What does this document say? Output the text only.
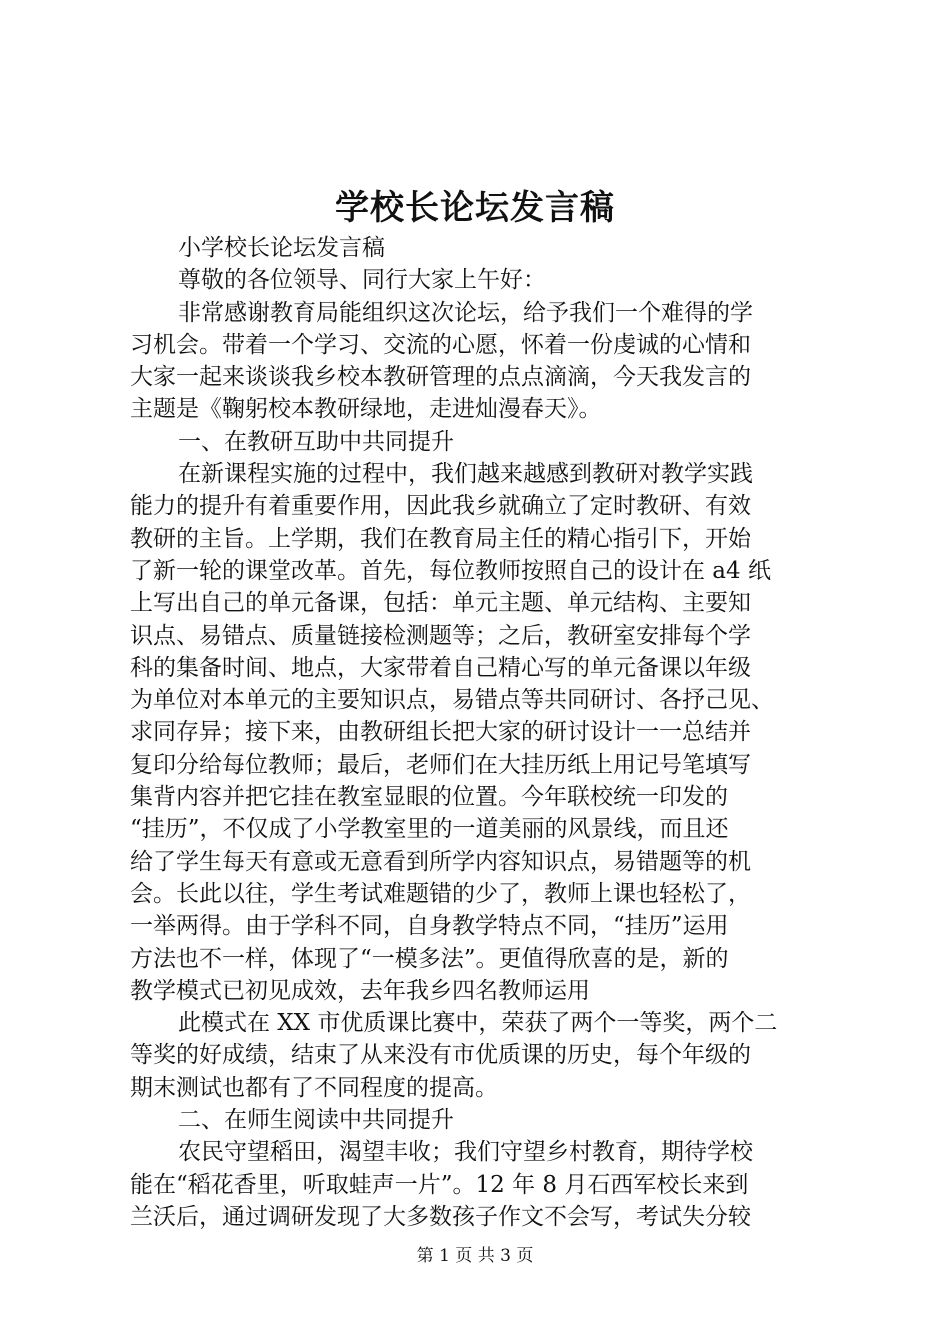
学校长论坛发言稿
小学校长论坛发言稿
尊敬的各位领导、同行大家上午好：
非常感谢教育局能组织这次论坛，给予我们一个难得的学
习机会。带着一个学习、交流的心愿，怀着一份虔诚的心情和
大家一起来谈谈我乡校本教研管理的点点滴滴，今天我发言的
主题是《鞠躬校本教研绿地，走进灿漫春天》。
一、在教研互助中共同提升
在新课程实施的过程中，我们越来越感到教研对教学实践
能力的提升有着重要作用，因此我乡就确立了定时教研、有效
教研的主旨。上学期，我们在教育局主任的精心指引下，开始
了新一轮的课堂改革。首先，每位教师按照自己的设计在 a4 纸
上写出自己的单元备课，包括：单元主题、单元结构、主要知
识点、易错点、质量链接检测题等；之后，教研室安排每个学
科的集备时间、地点，大家带着自己精心写的单元备课以年级
为单位对本单元的主要知识点，易错点等共同研讨、各抒己见、
求同存异；接下来，由教研组长把大家的研讨设计一一总结并
复印分给每位教师；最后，老师们在大挂历纸上用记号笔填写
集背内容并把它挂在教室显眼的位置。今年联校统一印发的
“挂历”，不仅成了小学教室里的一道美丽的风景线，而且还
给了学生每天有意或无意看到所学内容知识点，易错题等的机
会。长此以往，学生考试难题错的少了，教师上课也轻松了，
一举两得。由于学科不同，自身教学特点不同，“挂历”运用
方法也不一样，体现了“一模多法”。更值得欣喜的是，新的
教学模式已初见成效，去年我乡四名教师运用
此模式在 XX 市优质课比赛中，荣获了两个一等奖，两个二
等奖的好成绩，结束了从来没有市优质课的历史，每个年级的
期末测试也都有了不同程度的提高。
二、在师生阅读中共同提升
农民守望稻田，渴望丰收；我们守望乡村教育，期待学校
能在“稻花香里，听取蛙声一片”。12 年 8 月石西军校长来到
兰沃后，通过调研发现了大多数孩子作文不会写，考试失分较
第 1 页 共 3 页
